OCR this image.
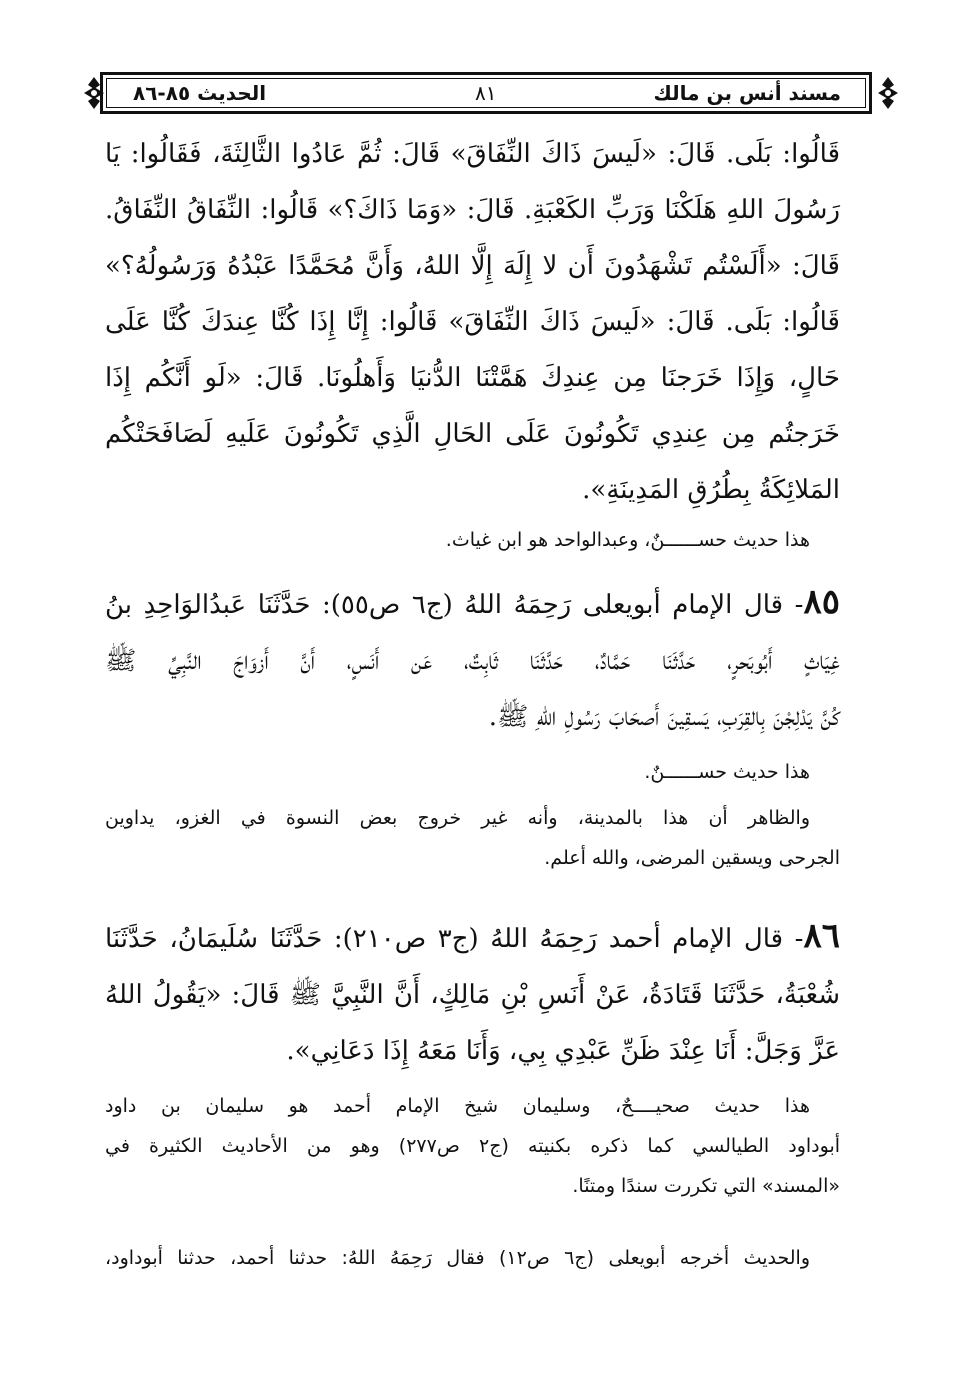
مسند أنس بن مالك
٨١
الحديث ٨٥-٨٦
قَالُوا: بَلَى. قَالَ: «لَيسَ ذَاكَ النِّفَاقَ» قَالَ: ثُمَّ عَادُوا الثَّالِثَةَ، فَقَالُوا: يَا
رَسُولَ اللهِ هَلَكْنَا وَرَبِّ الكَعْبَةِ. قَالَ: «وَمَا ذَاكَ؟» قَالُوا: النِّفَاقُ النِّفَاقُ.
قَالَ: «أَلَسْتُم تَشْهَدُونَ أَن لا إِلَهَ إِلَّا اللهُ، وَأَنَّ مُحَمَّدًا عَبْدُهُ وَرَسُولُهُ؟»
قَالُوا: بَلَى. قَالَ: «لَيسَ ذَاكَ النِّفَاقَ» قَالُوا: إِنَّا إِذَا كُنَّا عِندَكَ كُنَّا عَلَى
حَالٍ، وَإِذَا خَرَجنَا مِن عِندِكَ هَمَّتْنَا الدُّنيَا وَأَهلُونَا. قَالَ: «لَو أَنَّكُم إِذَا
خَرَجتُم مِن عِندِي تَكُونُونَ عَلَى الحَالِ الَّذِي تَكُونُونَ عَلَيهِ لَصَافَحَتْكُم
المَلائِكَةُ بِطُرُقِ المَدِينَةِ».
هذا حديث حســــــنٌ، وعبدالواحد هو ابن غياث.
٨٥- قال الإمام أبويعلى رَحِمَهُ اللهُ (ج٦ ص٥٥): حَدَّثَنَا عَبدُالوَاحِدِ بنُ
غِيَاثٍ أَبُوبَحرٍ، حَدَّثَنَا حَمَّادٌ، حَدَّثَنَا ثَابِتٌ، عَن أَنَسٍ، أَنَّ أَزوَاجَ النَّبِيِّ ﷺ
كُنَّ يَدْلِجْنَ بِالقِرَبِ، يَسقِينَ أَصحَابَ رَسُولِ اللهِ ﷺ.
هذا حديث حســــــنٌ.
والظاهر أن هذا بالمدينة، وأنه غير خروج بعض النسوة في الغزو، يداوين
الجرحى ويسقين المرضى، والله أعلم.
٨٦- قال الإمام أحمد رَحِمَهُ اللهُ (ج٣ ص٢١٠): حَدَّثَنَا سُلَيمَانُ، حَدَّثَنَا
شُعْبَةُ، حَدَّثَنَا قَتَادَةُ، عَنْ أَنَسِ بْنِ مَالِكٍ، أَنَّ النَّبِيَّ ﷺ قَالَ: «يَقُولُ اللهُ
عَزَّ وَجَلَّ: أَنَا عِنْدَ ظَنِّ عَبْدِي بِي، وَأَنَا مَعَهُ إِذَا دَعَانِي».
هذا حديث صحيــــحٌ، وسليمان شيخ الإمام أحمد هو سليمان بن داود
أبوداود الطيالسي كما ذكره بكنيته (ج٢ ص٢٧٧) وهو من الأحاديث الكثيرة في
«المسند» التي تكررت سندًا ومتنًا.
والحديث أخرجه أبويعلى (ج٦ ص١٢) فقال رَحِمَهُ اللهُ: حدثنا أحمد، حدثنا أبوداود،
